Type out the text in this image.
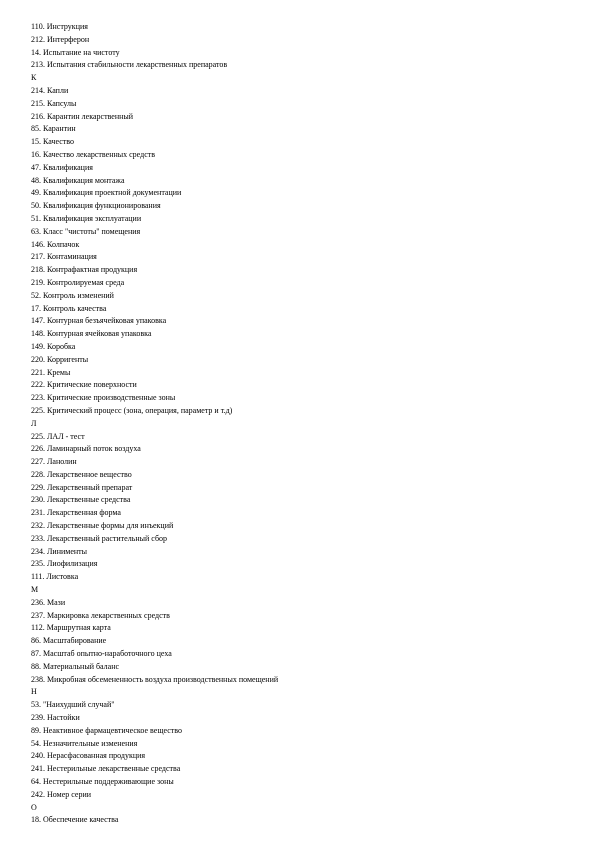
110. Инструкция
212. Интерферон
14. Испытание на чистоту
213. Испытания стабильности лекарственных препаратов
К
214. Капли
215. Капсулы
216. Карантин лекарственный
85. Карантин
15. Качество
16. Качество лекарственных средств
47. Квалификация
48. Квалификация монтажа
49. Квалификация проектной документации
50. Квалификация функционирования
51. Квалификация эксплуатации
63. Класс "чистоты" помещения
146. Колпачок
217. Контаминация
218. Контрафактная продукция
219. Контролируемая среда
52. Контроль изменений
17. Контроль качества
147. Контурная безъячейковая упаковка
148. Контурная ячейковая упаковка
149. Коробка
220. Корригенты
221. Кремы
222. Критические поверхности
223. Критические производственные зоны
225. Критический процесс (зона, операция, параметр и т.д)
Л
225. ЛАЛ - тест
226. Ламинарный поток воздуха
227. Ланолин
228. Лекарственное вещество
229. Лекарственный препарат
230. Лекарственные средства
231. Лекарственная форма
232. Лекарственные формы для инъекций
233. Лекарственный растительный сбор
234. Линименты
235. Лиофилизация
111. Листовка
М
236. Мази
237. Маркировка лекарственных средств
112. Маршрутная карта
86. Масштабирование
87. Масштаб опытно-наработочного цеха
88. Материальный баланс
238. Микробная обсемененность воздуха производственных помещений
Н
53. "Наихудший случай"
239. Настойки
89. Неактивное фармацевтическое вещество
54. Незначительные изменения
240. Нерасфасованная продукция
241. Нестерильные лекарственные средства
64. Нестерильные поддерживающие зоны
242. Номер серии
О
18. Обеспечение качества
